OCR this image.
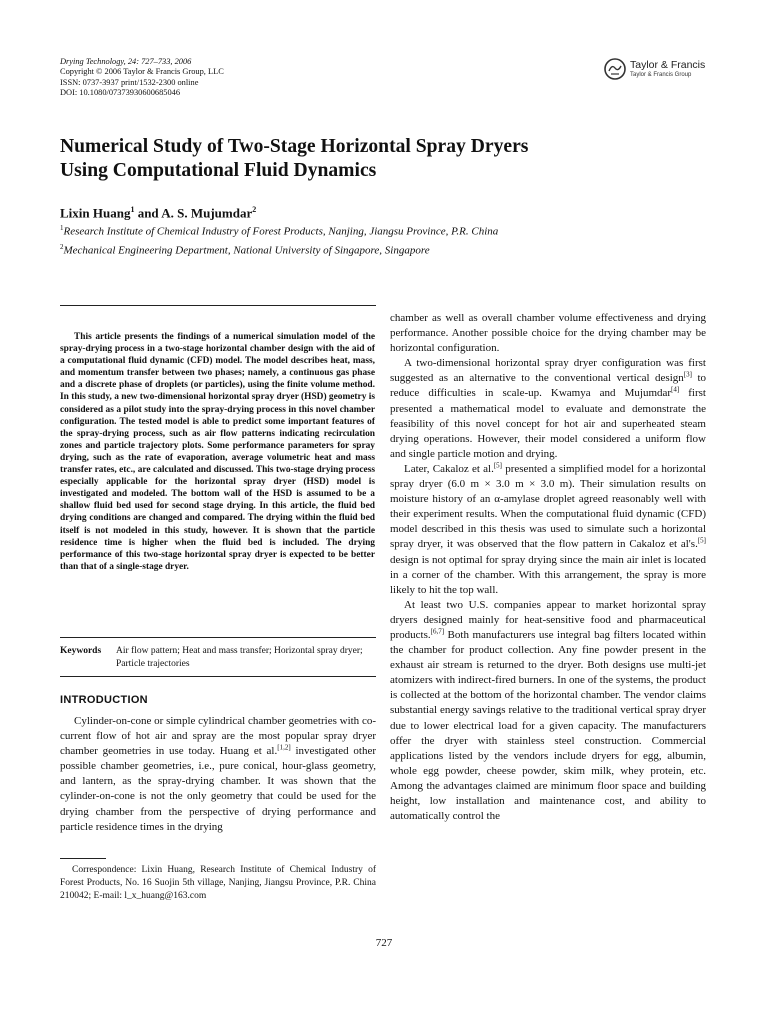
Drying Technology, 24: 727–733, 2006
Copyright © 2006 Taylor & Francis Group, LLC
ISSN: 0737-3937 print/1532-2300 online
DOI: 10.1080/07373930600685046
Taylor & Francis
Taylor & Francis Group
Numerical Study of Two-Stage Horizontal Spray Dryers
Using Computational Fluid Dynamics
Lixin Huang$^1$ and A. S. Mujumdar$^2$
$^1$Research Institute of Chemical Industry of Forest Products, Nanjing, Jiangsu Province, P.R. China
$^2$Mechanical Engineering Department, National University of Singapore, Singapore
This article presents the findings of a numerical simulation model of the spray-drying process in a two-stage horizontal chamber design with the aid of a computational fluid dynamic (CFD) model. The model describes heat, mass, and momentum transfer between two phases; namely, a continuous gas phase and a discrete phase of droplets (or particles), using the finite volume method. In this study, a new two-dimensional horizontal spray dryer (HSD) geometry is considered as a pilot study into the spray-drying process in this novel chamber configuration. The tested model is able to predict some important features of the spray-drying process, such as air flow patterns indicating recirculation zones and particle trajectory plots. Some performance parameters for spray drying, such as the rate of evaporation, average volumetric heat and mass transfer rates, etc., are calculated and discussed. This two-stage drying process especially applicable for the horizontal spray dryer (HSD) model is investigated and modeled. The bottom wall of the HSD is assumed to be a shallow fluid bed used for second stage drying. In this article, the fluid bed drying conditions are changed and compared. The drying within the fluid bed itself is not modeled in this study, however. It is shown that the particle residence time is higher when the fluid bed is included. The drying performance of this two-stage horizontal spray dryer is expected to be better than that of a single-stage dryer.
Keywords Air flow pattern; Heat and mass transfer; Horizontal spray dryer; Particle trajectories
INTRODUCTION

Cylinder-on-cone or simple cylindrical chamber geometries with co-current flow of hot air and spray are the most popular spray dryer chamber geometries in use today. Huang et al.[1,2] investigated other possible chamber geometries, i.e., pure conical, hour-glass geometry, and lantern, as the spray-drying chamber. It was shown that the cylinder-on-cone is not the only geometry that could be used for the drying chamber from the perspective of drying performance and particle residence times in the drying

Correspondence: Lixin Huang, Research Institute of Chemical Industry of Forest Products, No. 16 Suojin 5th village, Nanjing, Jiangsu Province, P.R. China 210042; E-mail: l_x_huang@163.com

chamber as well as overall chamber volume effectiveness and drying performance. Another possible choice for the drying chamber may be horizontal configuration.

A two-dimensional horizontal spray dryer configuration was first suggested as an alternative to the conventional vertical design[3] to reduce difficulties in scale-up. Kwamya and Mujumdar[4] first presented a mathematical model to evaluate and demonstrate the feasibility of this novel concept for hot air and superheated steam drying operations. However, their model considered a uniform flow and single particle motion and drying.

Later, Cakaloz et al.[5] presented a simplified model for a horizontal spray dryer (6.0 m × 3.0 m × 3.0 m). Their simulation results on moisture history of an α-amylase droplet agreed reasonably well with their experiment results. When the computational fluid dynamic (CFD) model described in this thesis was used to simulate such a horizontal spray dryer, it was observed that the flow pattern in Cakaloz et al's.[5] design is not optimal for spray drying since the main air inlet is located in a corner of the chamber. With this arrangement, the spray is more likely to hit the top wall.

At least two U.S. companies appear to market horizontal spray dryers designed mainly for heat-sensitive food and pharmaceutical products.[6,7] Both manufacturers use integral bag filters located within the chamber for product collection. Any fine powder present in the exhaust air stream is returned to the dryer. Both designs use multi-jet atomizers with indirect-fired burners. In one of the systems, the product is collected at the bottom of the horizontal chamber. The vendor claims substantial energy savings relative to the traditional vertical spray dryer due to lower electrical load for a given capacity. The manufacturers offer the dryer with stainless steel construction. Commercial applications listed by the vendors include dryers for egg, albumin, whole egg powder, cheese powder, skim milk, whey protein, etc. Among the advantages claimed are minimum floor space and building height, low installation and maintenance cost, and ability to automatically control the

727
